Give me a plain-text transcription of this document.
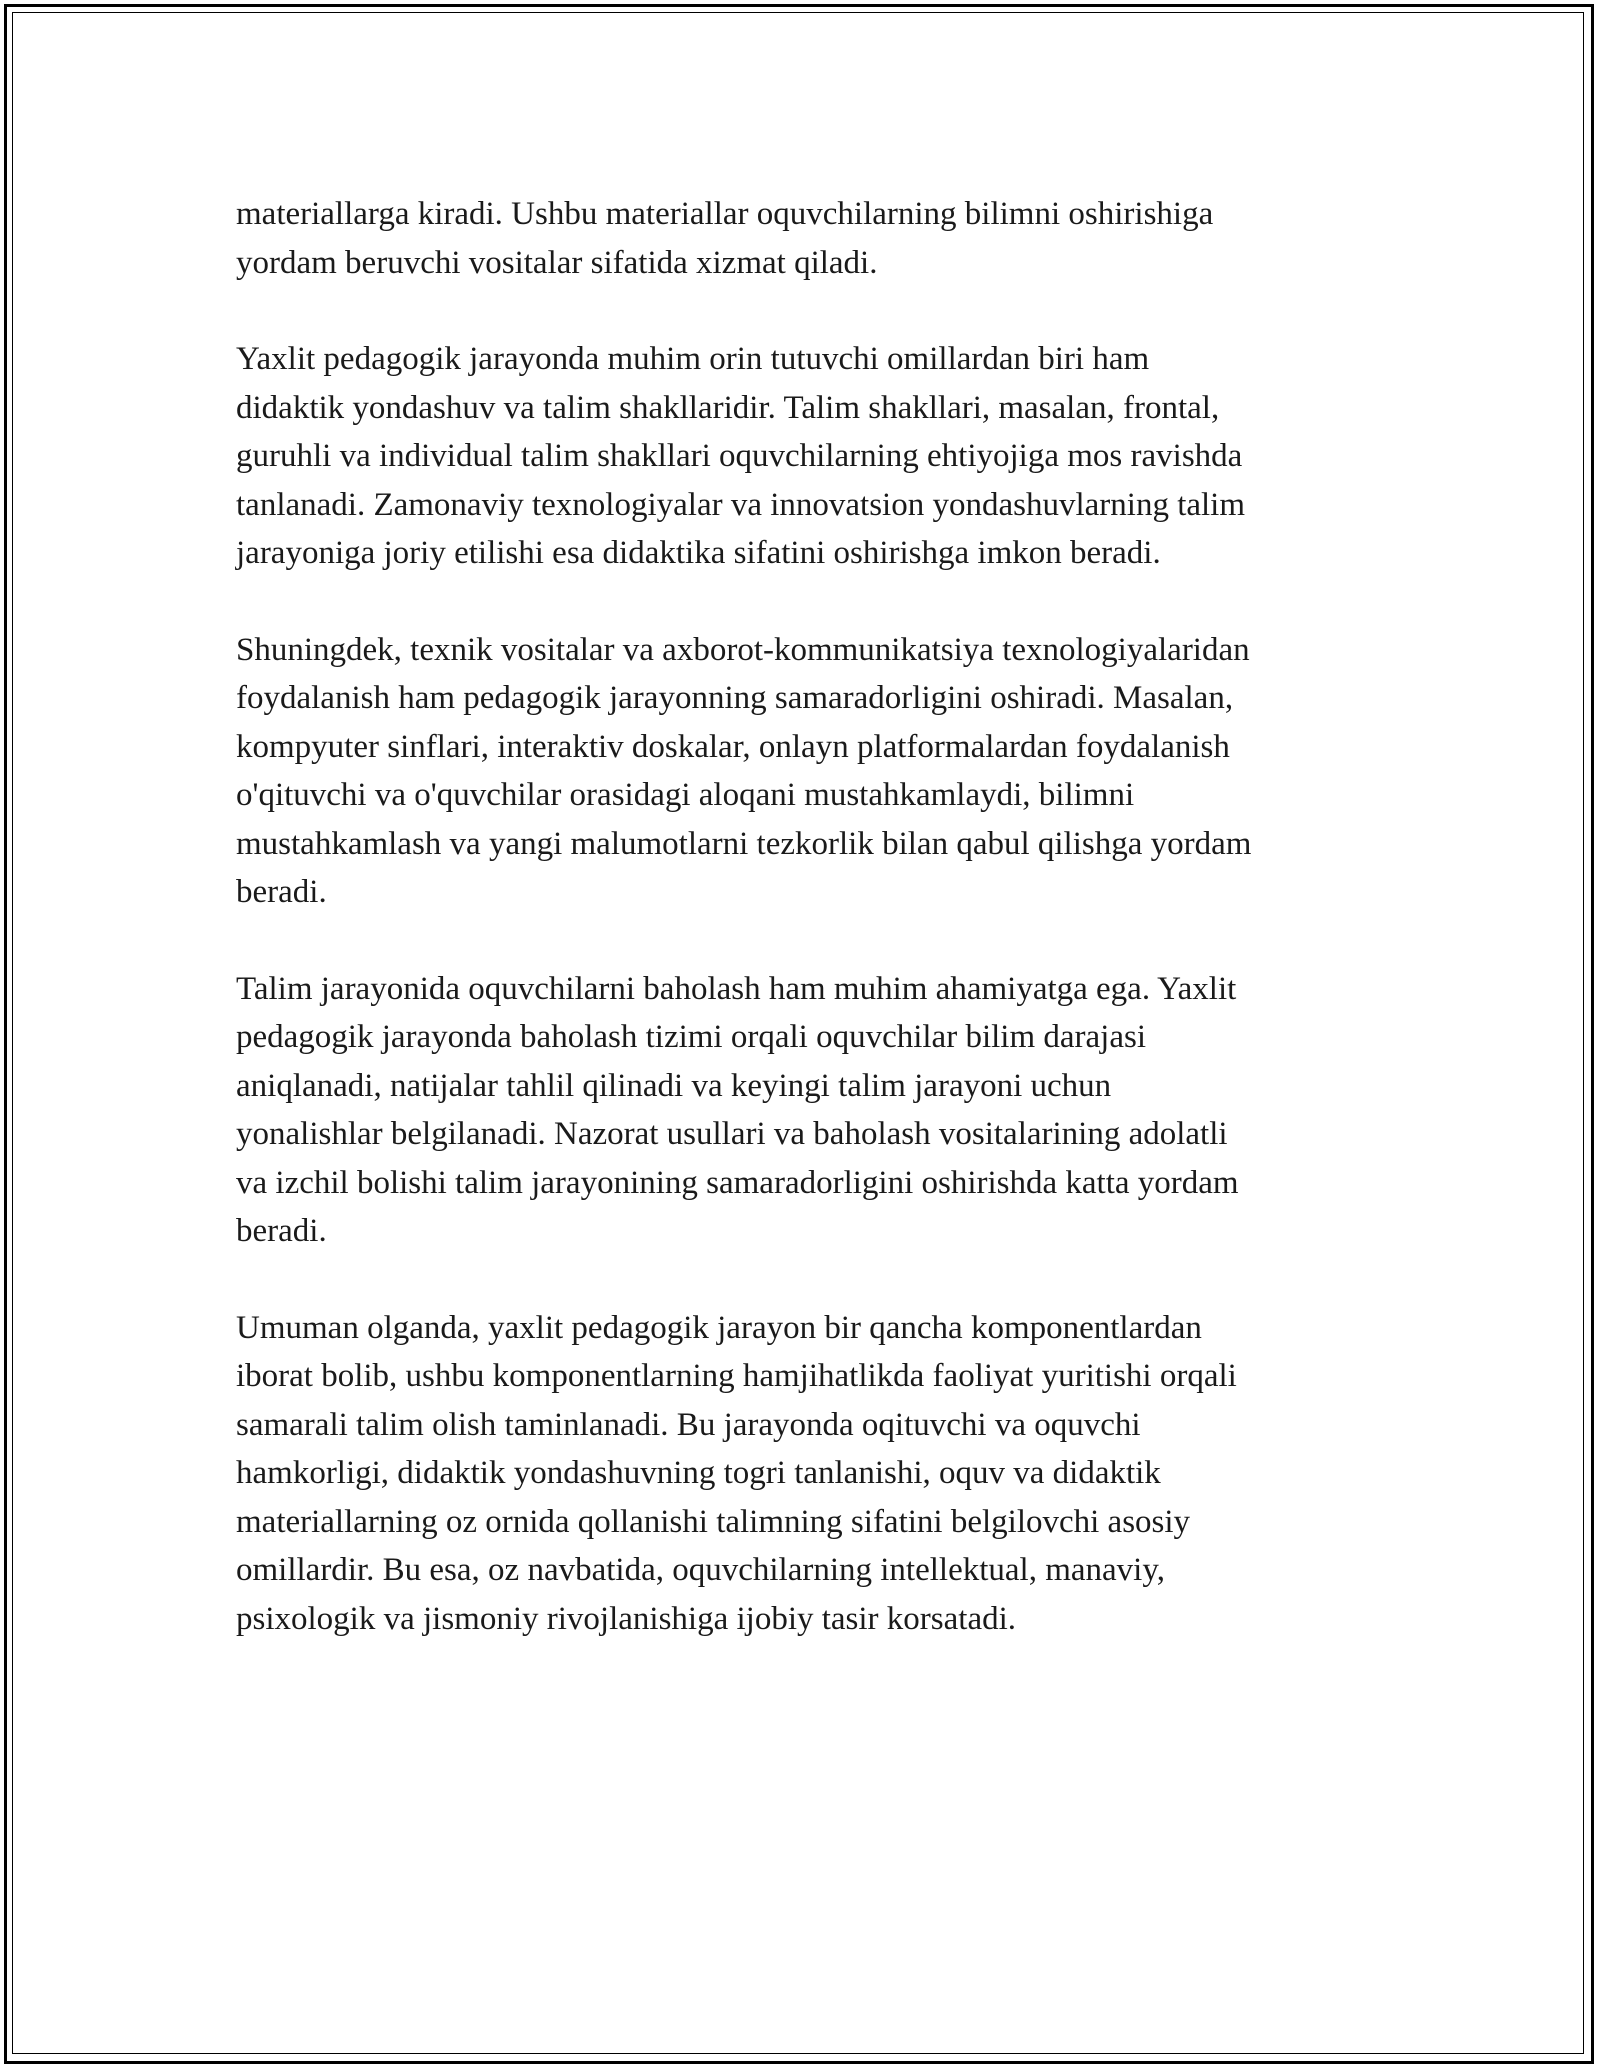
materiallarga kiradi. Ushbu materiallar oquvchilarning bilimni oshirishiga
yordam beruvchi vositalar sifatida xizmat qiladi.

Yaxlit pedagogik jarayonda muhim orin tutuvchi omillardan biri ham
didaktik yondashuv va talim shakllaridir. Talim shakllari, masalan, frontal,
guruhli va individual talim shakllari oquvchilarning ehtiyojiga mos ravishda
tanlanadi. Zamonaviy texnologiyalar va innovatsion yondashuvlarning talim
jarayoniga joriy etilishi esa didaktika sifatini oshirishga imkon beradi.

Shuningdek, texnik vositalar va axborot-kommunikatsiya texnologiyalaridan
foydalanish ham pedagogik jarayonning samaradorligini oshiradi. Masalan,
kompyuter sinflari, interaktiv doskalar, onlayn platformalardan foydalanish
o'qituvchi va o'quvchilar orasidagi aloqani mustahkamlaydi, bilimni
mustahkamlash va yangi malumotlarni tezkorlik bilan qabul qilishga yordam
beradi.

Talim jarayonida oquvchilarni baholash ham muhim ahamiyatga ega. Yaxlit
pedagogik jarayonda baholash tizimi orqali oquvchilar bilim darajasi
aniqlanadi, natijalar tahlil qilinadi va keyingi talim jarayoni uchun
yonalishlar belgilanadi. Nazorat usullari va baholash vositalarining adolatli
va izchil bolishi talim jarayonining samaradorligini oshirishda katta yordam
beradi.

Umuman olganda, yaxlit pedagogik jarayon bir qancha komponentlardan
iborat bolib, ushbu komponentlarning hamjihatlikda faoliyat yuritishi orqali
samarali talim olish taminlanadi. Bu jarayonda oqituvchi va oquvchi
hamkorligi, didaktik yondashuvning togri tanlanishi, oquv va didaktik
materiallarning oz ornida qollanishi talimning sifatini belgilovchi asosiy
omillardir. Bu esa, oz navbatida, oquvchilarning intellektual, manaviy,
psixologik va jismoniy rivojlanishiga ijobiy tasir korsatadi.
